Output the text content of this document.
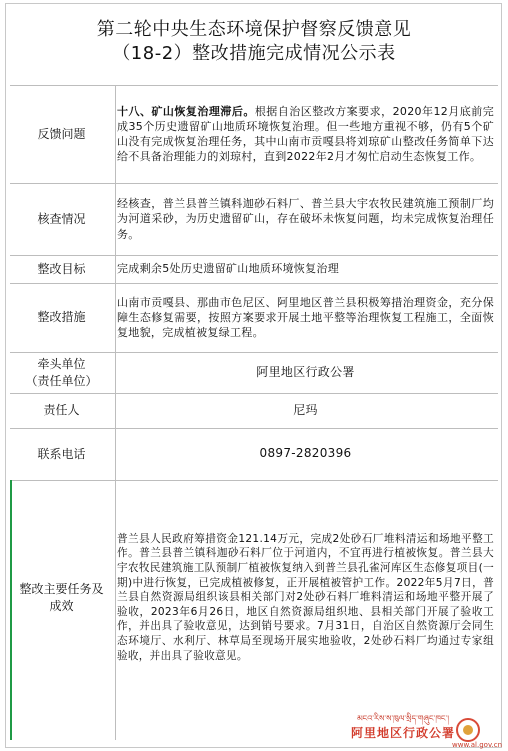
第二轮中央生态环境保护督察反馈意见
（18-2）整改措施完成情况公示表
反馈问题

十八、矿山恢复治理滞后。根据自治区整改方案要求，2020年12月底前完成35个历史遗留矿山地质环境恢复治理。但一些地方重视不够，仍有5个矿山没有完成恢复治理任务，其中山南市贡嘎县将刘琼矿山整改任务简单下达给不具备治理能力的刘琼村，直到2022年2月才匆忙启动生态恢复工作。

核查情况

经核查，普兰县普兰镇科迦砂石料厂、普兰县大宇农牧民建筑施工预制厂均为河道采砂，为历史遗留矿山，存在破坏未恢复问题，均未完成恢复治理任务。

整改目标	完成剩余5处历史遗留矿山地质环境恢复治理

整改措施

山南市贡嘎县、那曲市色尼区、阿里地区普兰县积极筹措治理资金，充分保障生态修复需要，按照方案要求开展土地平整等治理恢复工程施工，全面恢复地貌，完成植被复绿工程。

牵头单位
（责任单位）

阿里地区行政公署

责任人	尼玛

联系电话	0897-2820396

整改主要任务及
成效

普兰县人民政府筹措资金121.14万元，完成2处砂石厂堆料清运和场地平整工作。普兰县普兰镇科迦砂石料厂位于河道内，不宜再进行植被恢复。普兰县大宇农牧民建筑施工队预制厂植被恢复纳入到普兰县孔雀河库区生态修复项目(一期)中进行恢复，已完成植被修复，正开展植被管护工作。2022年5月7日，普兰县自然资源局组织该县相关部门对2处砂石料厂堆料清运和场地平整开展了验收，2023年6月26日，地区自然资源局组织地、县相关部门开展了验收工作，并出具了验收意见，达到销号要求。7月31日，自治区自然资源厅会同生态环境厅、水利厅、林草局至现场开展实地验收，2处砂石料厂均通过专家组验收，并出具了验收意见。

མངའ་རིས་ས་ཁུལ་སྲིད་གཞུང་ཁང་།
阿里地区行政公署
www.al.gov.cn
